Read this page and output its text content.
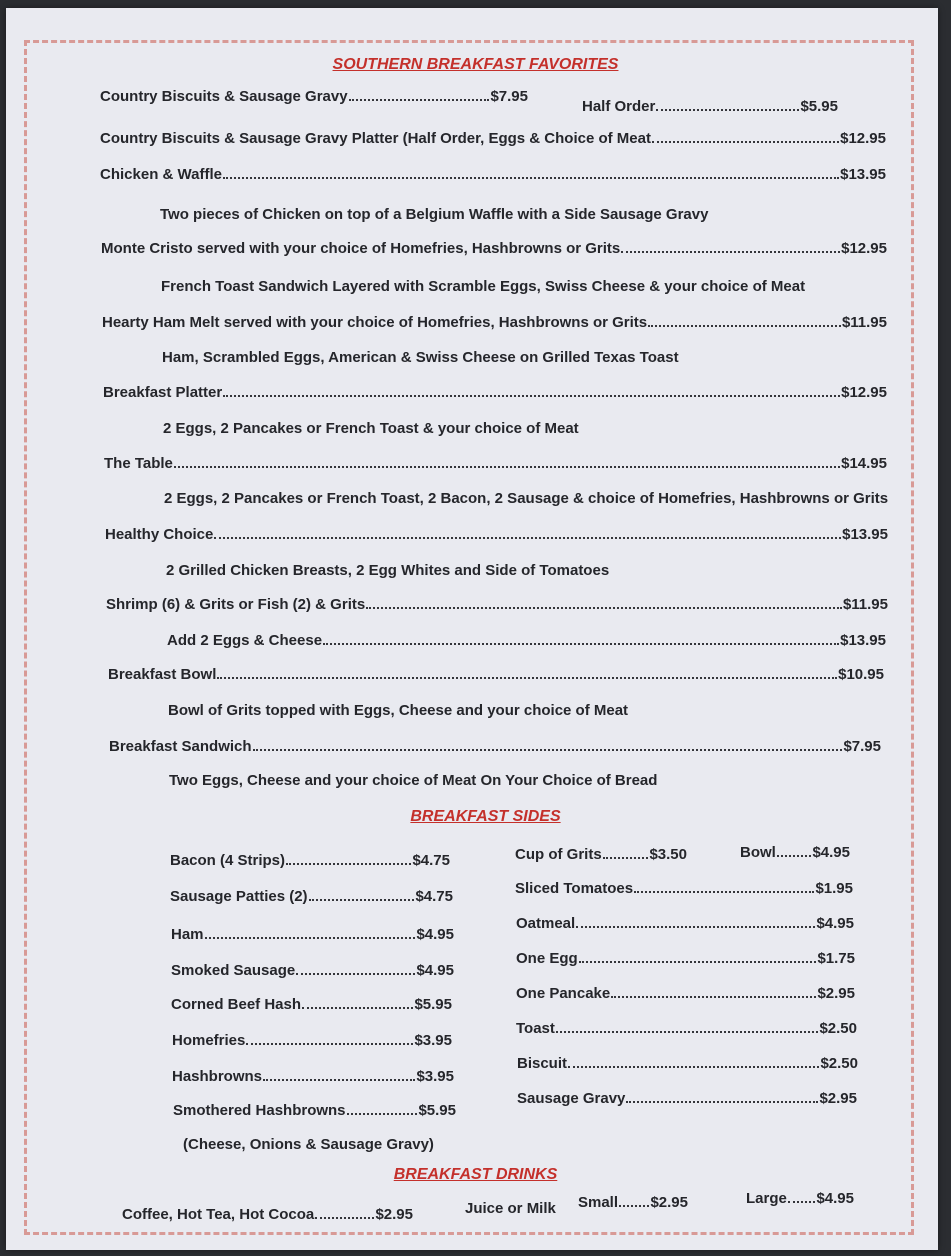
SOUTHERN BREAKFAST FAVORITES
Country Biscuits & Sausage Gravy	$7.95
Half Order	$5.95
Country Biscuits & Sausage Gravy Platter (Half Order, Eggs & Choice of Meat	$12.95
Chicken & Waffle	$13.95
Two pieces of Chicken on top of a Belgium Waffle with a Side Sausage Gravy
Monte Cristo served with your choice of Homefries, Hashbrowns or Grits	$12.95
French Toast Sandwich Layered with Scramble Eggs, Swiss Cheese & your choice of Meat
Hearty Ham Melt served with your choice of Homefries, Hashbrowns or Grits	$11.95
Ham, Scrambled Eggs, American & Swiss Cheese on Grilled Texas Toast
Breakfast Platter	$12.95
2 Eggs, 2 Pancakes or French Toast & your choice of Meat
The Table	$14.95
2 Eggs, 2 Pancakes or French Toast, 2 Bacon, 2 Sausage & choice of Homefries, Hashbrowns or Grits
Healthy Choice	$13.95
2 Grilled Chicken Breasts, 2 Egg Whites and Side of Tomatoes
Shrimp (6) & Grits or Fish (2) & Grits	$11.95
Add 2 Eggs & Cheese	$13.95
Breakfast Bowl	$10.95
Bowl of Grits topped with Eggs, Cheese and your choice of Meat
Breakfast Sandwich	$7.95
Two Eggs, Cheese and your choice of Meat On Your Choice of Bread
BREAKFAST SIDES
Bacon (4 Strips)	$4.75
Sausage Patties (2)	$4.75
Ham	$4.95
Smoked Sausage	$4.95
Corned Beef Hash	$5.95
Homefries	$3.95
Hashbrowns	$3.95
Smothered Hashbrowns	$5.95
(Cheese, Onions & Sausage Gravy)
Cup of Grits	$3.50	Bowl $4.95
Sliced Tomatoes	$1.95
Oatmeal	$4.95
One Egg	$1.75
One Pancake	$2.95
Toast	$2.50
Biscuit	$2.50
Sausage Gravy	$2.95
BREAKFAST DRINKS
Coffee, Hot Tea, Hot Cocoa	$2.95	Juice or Milk Small $2.95	Large $4.95
